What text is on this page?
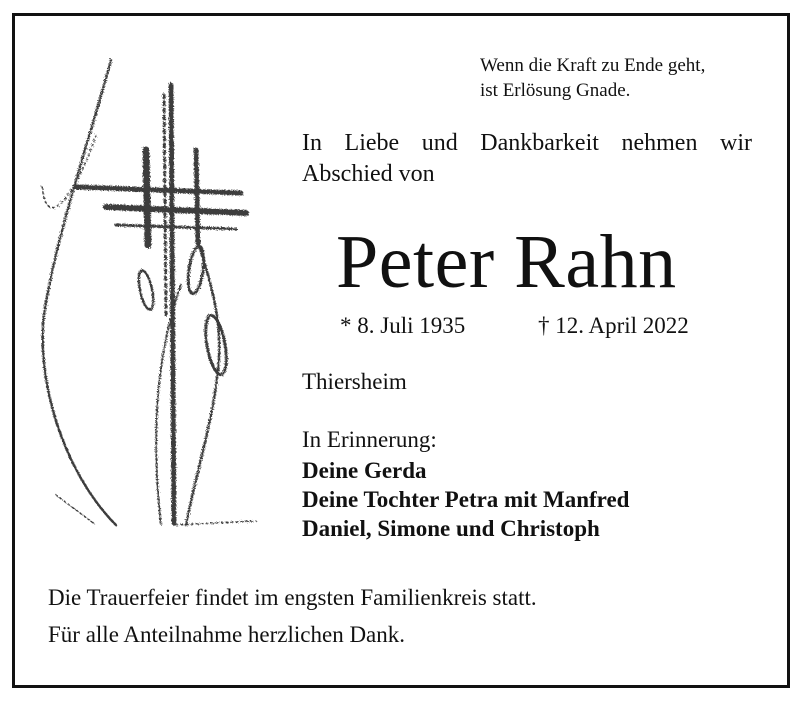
Wenn die Kraft zu Ende geht,
ist Erlösung Gnade.
In Liebe und Dankbarkeit nehmen wir Abschied von
Peter Rahn
* 8. Juli 1935	† 12. April 2022
Thiersheim
In Erinnerung:
Deine Gerda
Deine Tochter Petra mit Manfred
Daniel, Simone und Christoph
Die Trauerfeier findet im engsten Familienkreis statt.
Für alle Anteilnahme herzlichen Dank.
